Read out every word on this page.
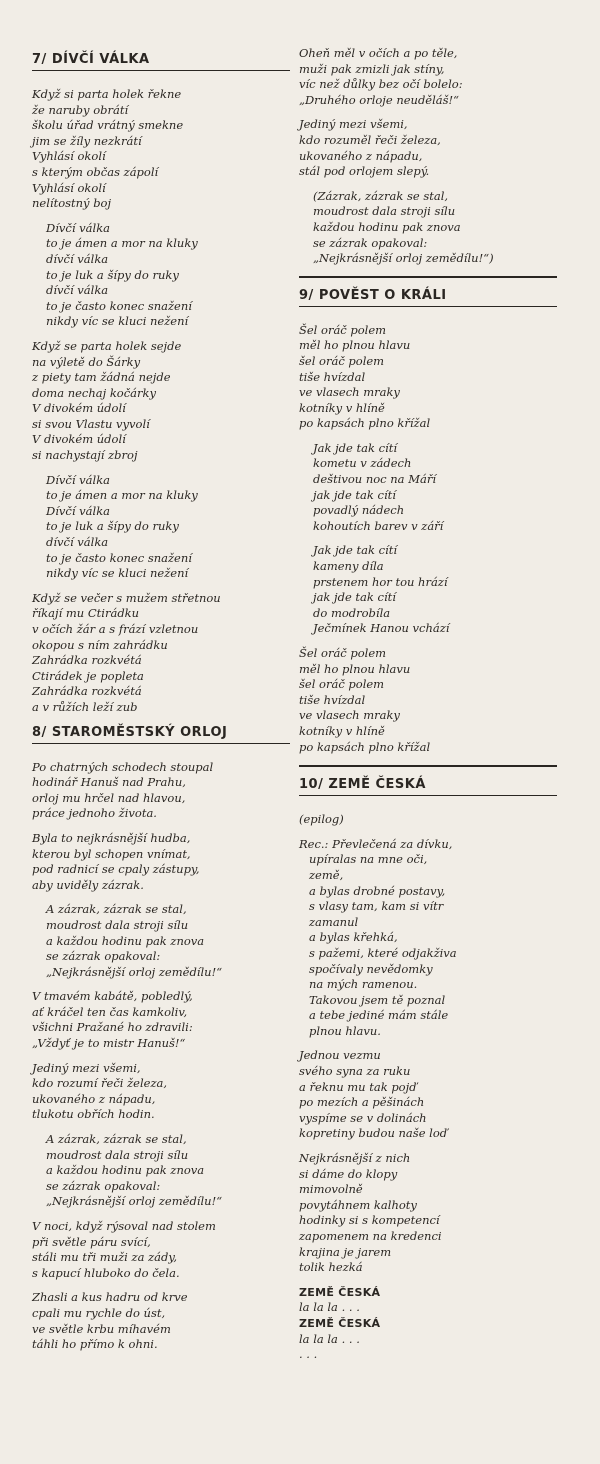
7/ DÍVČÍ VÁLKA
Když si parta holek řekne
že naruby obrátí
školu úřad vrátný smekne
jim se žíly nezkrátí
Vyhlásí okolí
s kterým občas zápolí
Vyhlásí okolí
nelítostný boj
Dívčí válka
to je ámen a mor na kluky
dívčí válka
to je luk a šípy do ruky
dívčí válka
to je často konec snažení
nikdy víc se kluci nežení
Když se parta holek sejde
na výletě do Šárky
z piety tam žádná nejde
doma nechaj kočárky
V divokém údolí
si svou Vlastu vyvolí
V divokém údolí
si nachystají zbroj
Dívčí válka
to je ámen a mor na kluky
Dívčí válka
to je luk a šípy do ruky
dívčí válka
to je často konec snažení
nikdy víc se kluci nežení
Když se večer s mužem střetnou
říkají mu Ctirádku
v očích žár a s frází vzletnou
okopou s ním zahrádku
Zahrádka rozkvétá
Ctirádek je popleta
Zahrádka rozkvétá
a v růžích leží zub
8/ STAROMĚSTSKÝ ORLOJ
Po chatrných schodech stoupal
hodinář Hanuš nad Prahu,
orloj mu hrčel nad hlavou,
práce jednoho života.
Byla to nejkrásnější hudba,
kterou byl schopen vnímat,
pod radnicí se cpaly zástupy,
aby uviděly zázrak.
A zázrak, zázrak se stal,
moudrost dala stroji sílu
a každou hodinu pak znova
se zázrak opakoval:
„Nejkrásnější orloj zemědílu!“
V tmavém kabátě, pobledlý,
ať kráčel ten čas kamkoliv,
všichni Pražané ho zdravili:
„Vždyť je to mistr Hanuš!“
Jediný mezi všemi,
kdo rozumí řeči železa,
ukovaného z nápadu,
tlukotu obřích hodin.
A zázrak, zázrak se stal,
moudrost dala stroji sílu
a každou hodinu pak znova
se zázrak opakoval:
„Nejkrásnější orloj zemědílu!“
V noci, když rýsoval nad stolem
při světle páru svící,
stáli mu tři muži za zády,
s kapucí hluboko do čela.
Zhasli a kus hadru od krve
cpali mu rychle do úst,
ve světle krbu míhavém
táhli ho přímo k ohni.
Oheň měl v očích a po těle,
muži pak zmizli jak stíny,
víc než důlky bez očí bolelo:
„Druhého orloje neuděláš!“
Jediný mezi všemi,
kdo rozuměl řeči železa,
ukovaného z nápadu,
stál pod orlojem slepý.
(Zázrak, zázrak se stal,
moudrost dala stroji sílu
každou hodinu pak znova
se zázrak opakoval:
„Nejkrásnější orloj zemědílu!“)
9/ POVĚST O KRÁLI
Šel oráč polem
měl ho plnou hlavu
šel oráč polem
tiše hvízdal
ve vlasech mraky
kotníky v hlíně
po kapsách plno křížal
Jak jde tak cítí
kometu v zádech
deštivou noc na Máří
jak jde tak cítí
povadlý nádech
kohoutích barev v září
Jak jde tak cítí
kameny díla
prstenem hor tou hrází
jak jde tak cítí
do modrobíla
Ječmínek Hanou vchází
Šel oráč polem
měl ho plnou hlavu
šel oráč polem
tiše hvízdal
ve vlasech mraky
kotníky v hlíně
po kapsách plno křížal
10/ ZEMĚ ČESKÁ
(epilog)
Rec.: Převlečená za dívku,
upíralas na mne oči,
země,
a bylas drobné postavy,
s vlasy tam, kam si vítr
zamanul
a bylas křehká,
s pažemi, které odjakživa
spočívaly nevědomky
na mých ramenou.
Takovou jsem tě poznal
a tebe jediné mám stále
plnou hlavu.
Jednou vezmu
svého syna za ruku
a řeknu mu tak pojď
po mezích a pěšinách
vyspíme se v dolinách
kopretiny budou naše loď
Nejkrásnější z nich
si dáme do klopy
mimovolně
povytáhnem kalhoty
hodinky si s kompetencí
zapomenem na kredenci
krajina je jarem
tolik hezká
ZEMĚ ČESKÁ
la la la . . .
ZEMĚ ČESKÁ
la la la . . .
. . .
